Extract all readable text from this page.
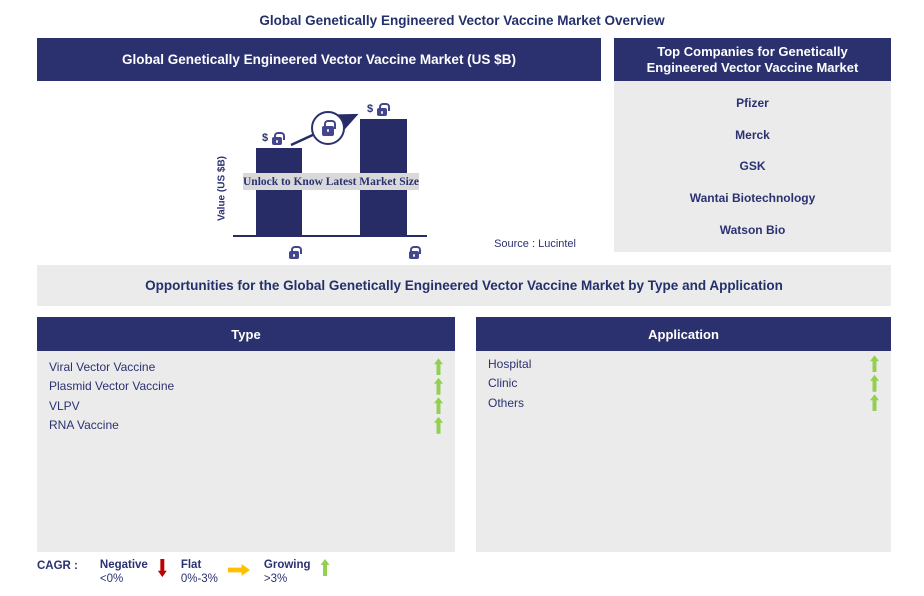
Global Genetically Engineered Vector Vaccine Market Overview
Global Genetically Engineered Vector Vaccine Market (US $B)
Top Companies for Genetically Engineered Vector Vaccine Market
Pfizer
Merck
GSK
Wantai Biotechnology
Watson Bio
Value (US $B)
$
$

Unlock to Know Latest Market Size

Source : Lucintel
Opportunities for the Global Genetically Engineered Vector Vaccine Market by Type and Application
Type
Viral Vector Vaccine
Plasmid Vector Vaccine
VLPV
RNA Vaccine
Application
Hospital
Clinic
Others
CAGR : Negative
<0%
Flat
0%-3%
Growing
>3%
